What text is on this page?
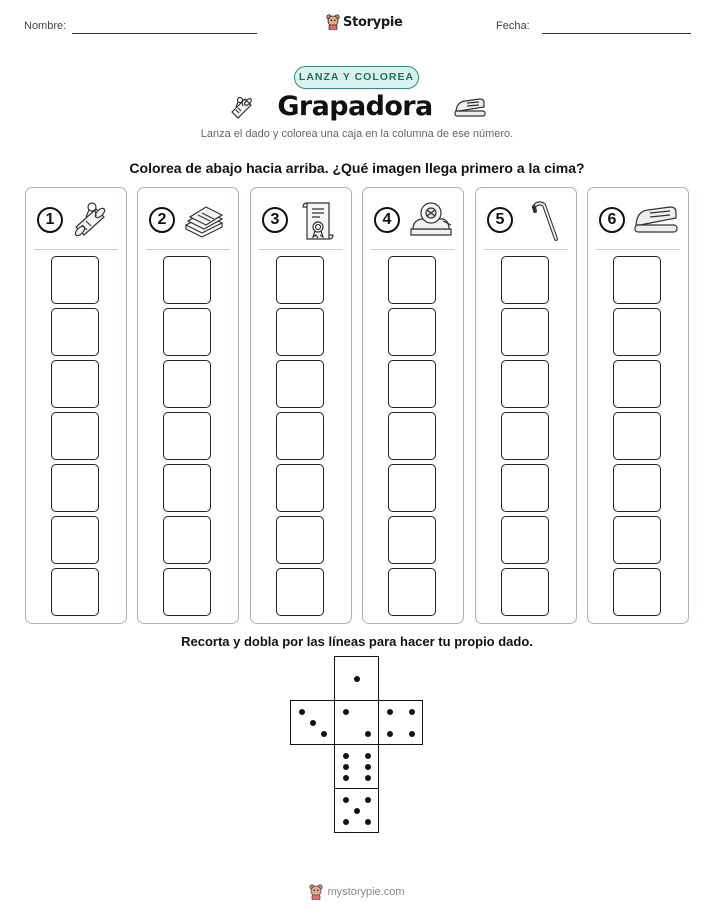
Nombre:	Storypie	Fecha:
LANZA Y COLOREA
Grapadora
Lanza el dado y colorea una caja en la columna de ese número.
Colorea de abajo hacia arriba. ¿Qué imagen llega primero a la cima?
1	2	3	4	5	6
Recorta y dobla por las líneas para hacer tu propio dado.
mystorypie.com
